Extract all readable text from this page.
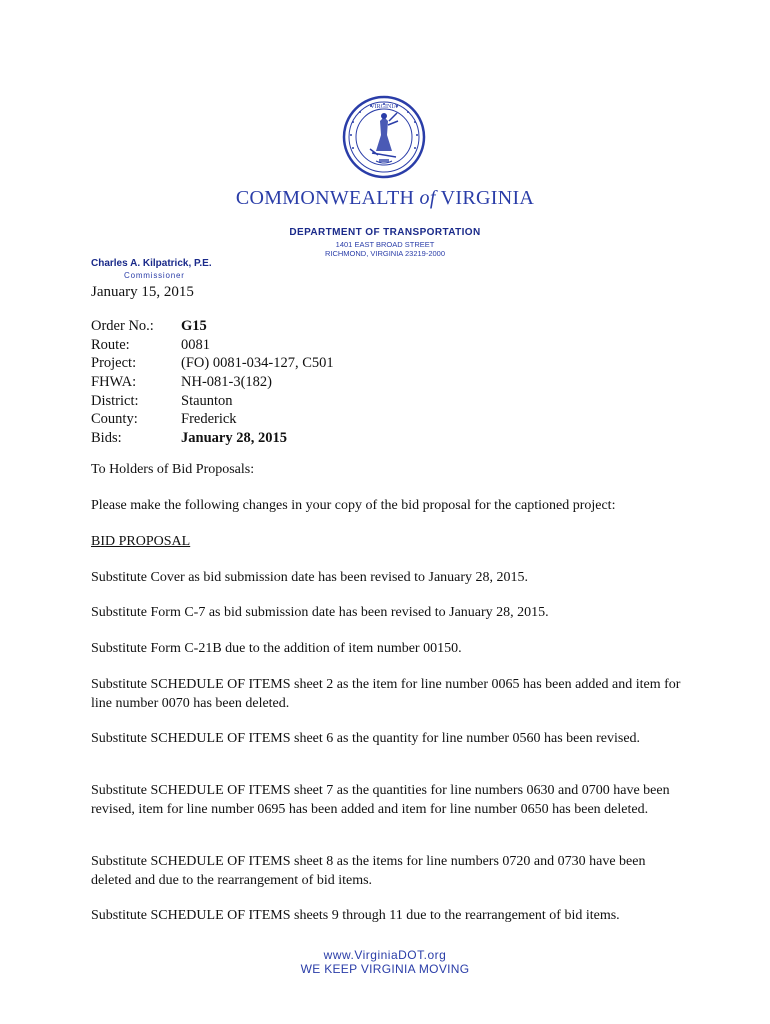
VIRGINIA
COMMONWEALTH of VIRGINIA
DEPARTMENT OF TRANSPORTATION
1401 EAST BROAD STREET
RICHMOND, VIRGINIA 23219-2000
Charles A. Kilpatrick, P.E.
Commissioner
January 15, 2015
Order No.: G15
Route:	0081
Project:	(FO) 0081-034-127, C501
FHWA:	NH-081-3(182)
District:	Staunton
County:	Frederick
Bids:	January 28, 2015
To Holders of Bid Proposals:
Please make the following changes in your copy of the bid proposal for the captioned project:
BID PROPOSAL
Substitute Cover as bid submission date has been revised to January 28, 2015.
Substitute Form C-7 as bid submission date has been revised to January 28, 2015.
Substitute Form C-21B due to the addition of item number 00150.
Substitute SCHEDULE OF ITEMS sheet 2 as the item for line number 0065 has been added and item for line number 0070 has been deleted.
Substitute SCHEDULE OF ITEMS sheet 6 as the quantity for line number 0560 has been revised.
Substitute SCHEDULE OF ITEMS sheet 7 as the quantities for line numbers 0630 and 0700 have been revised, item for line number 0695 has been added and item for line number 0650 has been deleted.
Substitute SCHEDULE OF ITEMS sheet 8 as the items for line numbers 0720 and 0730 have been deleted and due to the rearrangement of bid items.
Substitute SCHEDULE OF ITEMS sheets 9 through 11 due to the rearrangement of bid items.
www.VirginiaDOT.org
WE KEEP VIRGINIA MOVING
